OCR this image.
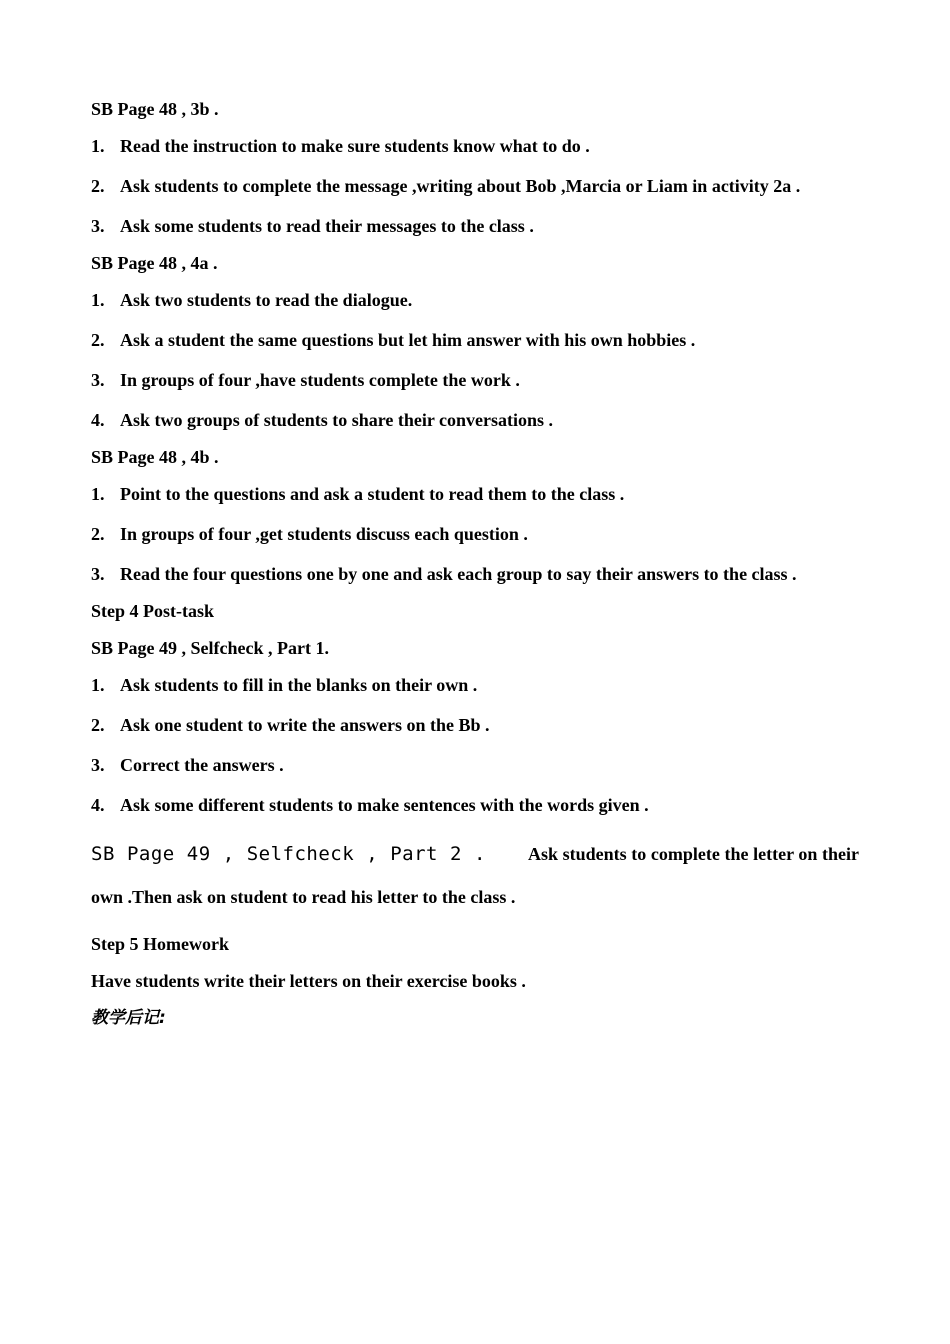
SB Page 48 , 3b .
1. Read the instruction to make sure students know what to do .
2. Ask students to complete the message ,writing about Bob ,Marcia or Liam in activity 2a .
3. Ask some students to read their messages to the class .
SB Page 48 , 4a .
1. Ask two students to read the dialogue.
2. Ask a student the same questions but let him answer with his own hobbies .
3. In groups of four ,have students complete the work .
4. Ask two groups of students to share their conversations .
SB Page 48 , 4b .
1. Point to the questions and ask a student to read them to the class .
2. In groups of four ,get students discuss each question .
3. Read the four questions one by one and ask each group to say their answers to the class .
Step 4 Post-task
SB Page 49 , Selfcheck , Part 1.
1. Ask students to fill in the blanks on their own .
2. Ask one student to write the answers on the Bb .
3. Correct the answers .
4. Ask some different students to make sentences with the words given .
SB Page 49 , Selfcheck , Part 2 . Ask students to complete the letter on their own .Then ask on student to read his letter to the class .
Step 5 Homework
Have students write their letters on their exercise books .
教学后记:
